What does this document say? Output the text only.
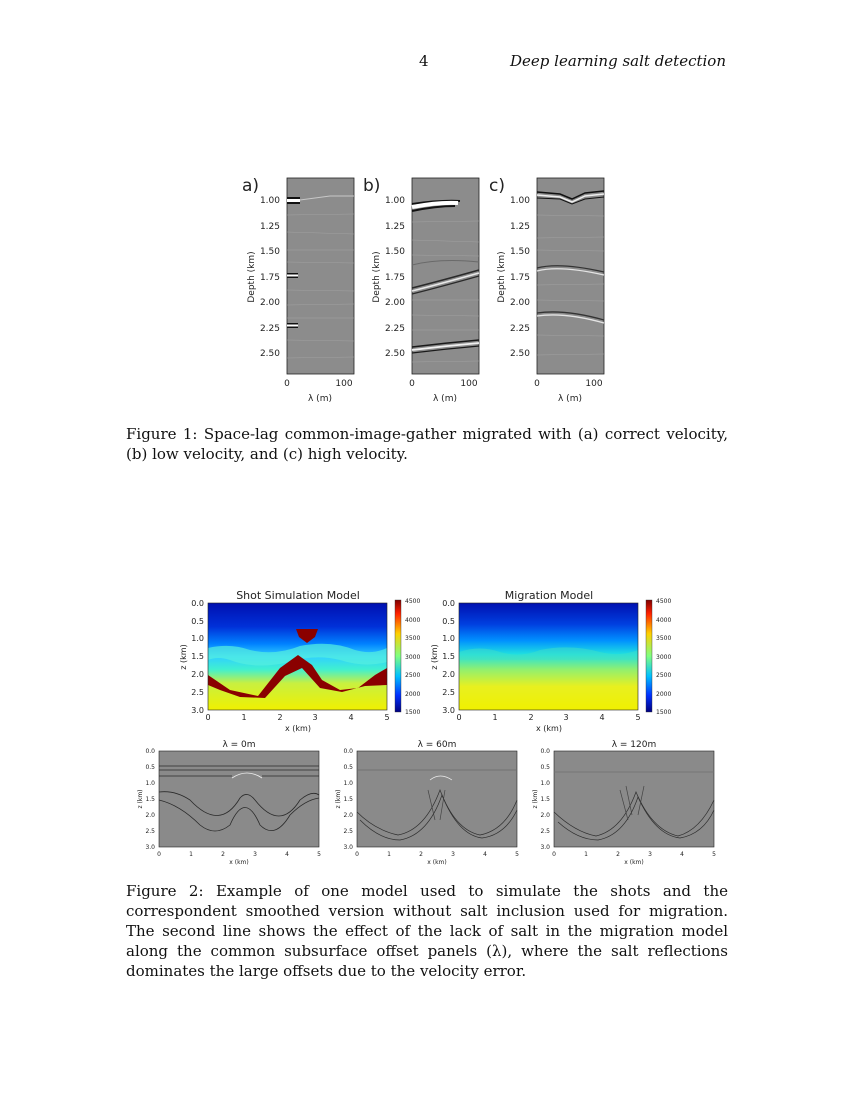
4	Deep learning salt detection
a)
1.00
1.25
1.50
1.75
2.00
2.25
2.50
Depth (km)
0	100
λ (m)
b)
1.00
1.25
1.50
1.75
2.00
2.25
2.50
Depth (km)
0	100
λ (m)
c)
1.00
1.25
1.50
1.75
2.00
2.25
2.50
Depth (km)
0	100
λ (m)
Shot Simulation Model
0.0
0.5
1.0
1.5
2.0
2.5
3.0
z (km)
0	1	2	3	4	5
x (km)
4500
4000
3500
3000
2500
2000
1500
Migration Model
0.0
0.5
1.0
1.5
2.0
2.5
3.0
z (km)
0	1	2	3	4	5
x (km)
4500
4000
3500
3000
2500
2000
1500
λ = 0m
0.0
0.5
1.0
1.5
2.0
2.5
3.0
z (km)
0	1	2	3	4	5
x (km)
λ = 60m
0.0
0.5
1.0
1.5
2.0
2.5
3.0
z (km)
0	1	2	3	4	5
x (km)
λ = 120m
0.0
0.5
1.0
1.5
2.0
2.5
3.0
z (km)
0	1	2	3	4	5
x (km)
Figure 1: Space-lag common-image-gather migrated with (a) correct velocity, (b) low velocity, and (c) high velocity.
Figure 2: Example of one model used to simulate the shots and the correspondent smoothed version without salt inclusion used for migration. The second line shows the effect of the lack of salt in the migration model along the common subsurface offset panels (λ), where the salt reflections dominates the large offsets due to the velocity error.
